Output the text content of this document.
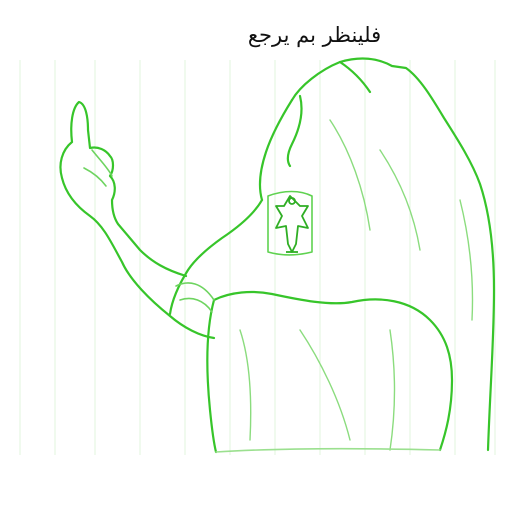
فلينظر بم يرجع
